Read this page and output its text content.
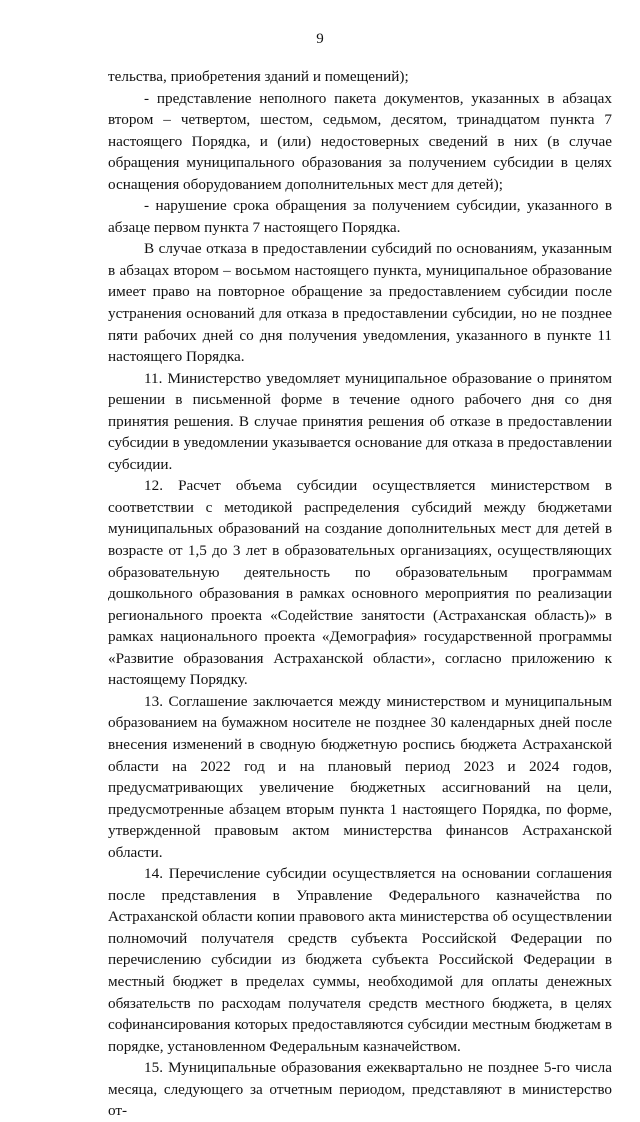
9

тельства, приобретения зданий и помещений);

- представление неполного пакета документов, указанных в абзацах втором – четвертом, шестом, седьмом, десятом, тринадцатом пункта 7 настоящего Порядка, и (или) недостоверных сведений в них (в случае обращения муниципального образования за получением субсидии в целях оснащения оборудованием дополнительных мест для детей);

- нарушение срока обращения за получением субсидии, указанного в абзаце первом пункта 7 настоящего Порядка.

В случае отказа в предоставлении субсидий по основаниям, указанным в абзацах втором – восьмом настоящего пункта, муниципальное образование имеет право на повторное обращение за предоставлением субсидии после устранения оснований для отказа в предоставлении субсидии, но не позднее пяти рабочих дней со дня получения уведомления, указанного в пункте 11 настоящего Порядка.

11. Министерство уведомляет муниципальное образование о принятом решении в письменной форме в течение одного рабочего дня со дня принятия решения. В случае принятия решения об отказе в предоставлении субсидии в уведомлении указывается основание для отказа в предоставлении субсидии.

12. Расчет объема субсидии осуществляется министерством в соответствии с методикой распределения субсидий между бюджетами муниципальных образований на создание дополнительных мест для детей в возрасте от 1,5 до 3 лет в образовательных организациях, осуществляющих образовательную деятельность по образовательным программам дошкольного образования в рамках основного мероприятия по реализации регионального проекта «Содействие занятости (Астраханская область)» в рамках национального проекта «Демография» государственной программы «Развитие образования Астраханской области», согласно приложению к настоящему Порядку.

13. Соглашение заключается между министерством и муниципальным образованием на бумажном носителе не позднее 30 календарных дней после внесения изменений в сводную бюджетную роспись бюджета Астраханской области на 2022 год и на плановый период 2023 и 2024 годов, предусматривающих увеличение бюджетных ассигнований на цели, предусмотренные абзацем вторым пункта 1 настоящего Порядка, по форме, утвержденной правовым актом министерства финансов Астраханской области.

14. Перечисление субсидии осуществляется на основании соглашения после представления в Управление Федерального казначейства по Астраханской области копии правового акта министерства об осуществлении полномочий получателя средств субъекта Российской Федерации по перечислению субсидии из бюджета субъекта Российской Федерации в местный бюджет в пределах суммы, необходимой для оплаты денежных обязательств по расходам получателя средств местного бюджета, в целях софинансирования которых предоставляются субсидии местным бюджетам в порядке, установленном Федеральным казначейством.

15. Муниципальные образования ежеквартально не позднее 5-го числа месяца, следующего за отчетным периодом, представляют в министерство от-
